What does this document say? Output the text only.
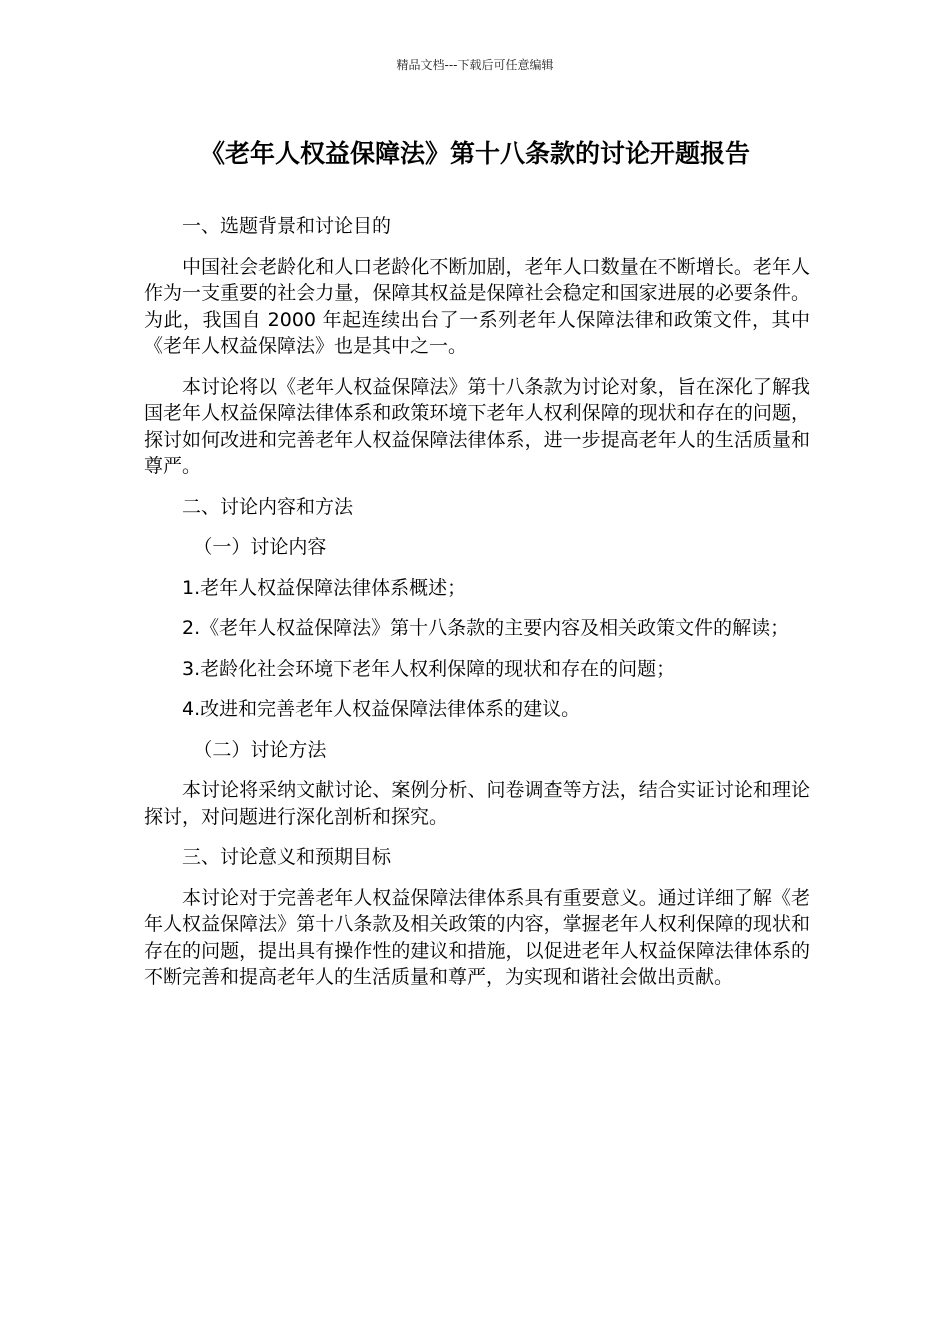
精品文档---下载后可任意编辑
《老年人权益保障法》第十八条款的讨论开题报告

一、选题背景和讨论目的

中国社会老龄化和人口老龄化不断加剧，老年人口数量在不断增长。老年人作为一支重要的社会力量，保障其权益是保障社会稳定和国家进展的必要条件。为此，我国自 2000 年起连续出台了一系列老年人保障法律和政策文件，其中《老年人权益保障法》也是其中之一。

本讨论将以《老年人权益保障法》第十八条款为讨论对象，旨在深化了解我国老年人权益保障法律体系和政策环境下老年人权利保障的现状和存在的问题，探讨如何改进和完善老年人权益保障法律体系，进一步提高老年人的生活质量和尊严。

二、讨论内容和方法

（一）讨论内容

1.老年人权益保障法律体系概述；

2.《老年人权益保障法》第十八条款的主要内容及相关政策文件的解读；

3.老龄化社会环境下老年人权利保障的现状和存在的问题；

4.改进和完善老年人权益保障法律体系的建议。

（二）讨论方法

本讨论将采纳文献讨论、案例分析、问卷调查等方法，结合实证讨论和理论探讨，对问题进行深化剖析和探究。

三、讨论意义和预期目标

本讨论对于完善老年人权益保障法律体系具有重要意义。通过详细了解《老年人权益保障法》第十八条款及相关政策的内容，掌握老年人权利保障的现状和存在的问题，提出具有操作性的建议和措施，以促进老年人权益保障法律体系的不断完善和提高老年人的生活质量和尊严，为实现和谐社会做出贡献。
